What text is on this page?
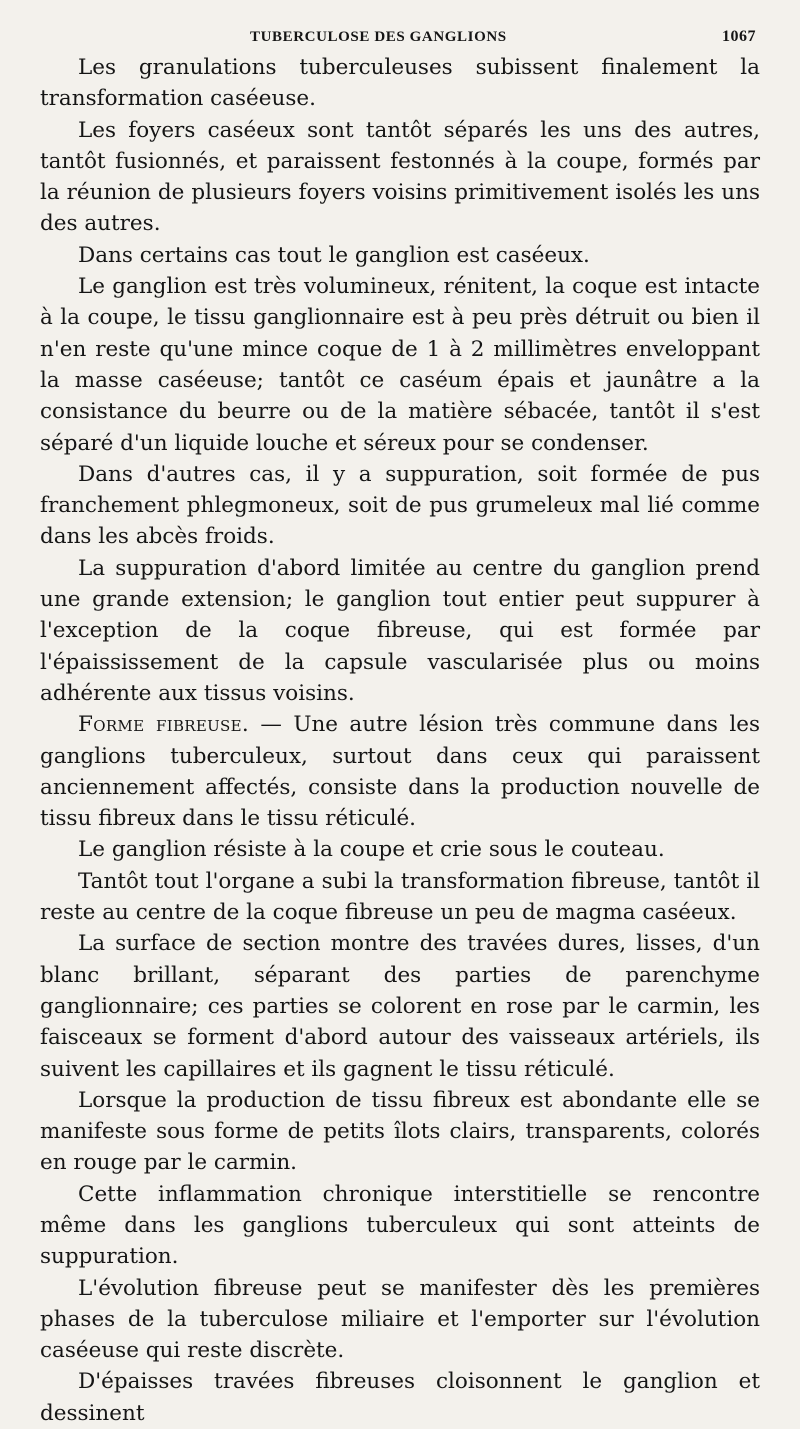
TUBERCULOSE DES GANGLIONS	1067

Les granulations tuberculeuses subissent finalement la transformation caséeuse.

Les foyers caséeux sont tantôt séparés les uns des autres, tantôt fusionnés, et paraissent festonnés à la coupe, formés par la réunion de plusieurs foyers voisins primitivement isolés les uns des autres.

Dans certains cas tout le ganglion est caséeux.

Le ganglion est très volumineux, rénitent, la coque est intacte à la coupe, le tissu ganglionnaire est à peu près détruit ou bien il n'en reste qu'une mince coque de 1 à 2 millimètres enveloppant la masse caséeuse; tantôt ce caséum épais et jaunâtre a la consistance du beurre ou de la matière sébacée, tantôt il s'est séparé d'un liquide louche et séreux pour se condenser.

Dans d'autres cas, il y a suppuration, soit formée de pus franchement phlegmoneux, soit de pus grumeleux mal lié comme dans les abcès froids.

La suppuration d'abord limitée au centre du ganglion prend une grande extension; le ganglion tout entier peut suppurer à l'exception de la coque fibreuse, qui est formée par l'épaississement de la capsule vascularisée plus ou moins adhérente aux tissus voisins.

Forme fibreuse. — Une autre lésion très commune dans les ganglions tuberculeux, surtout dans ceux qui paraissent anciennement affectés, consiste dans la production nouvelle de tissu fibreux dans le tissu réticulé.

Le ganglion résiste à la coupe et crie sous le couteau.

Tantôt tout l'organe a subi la transformation fibreuse, tantôt il reste au centre de la coque fibreuse un peu de magma caséeux.

La surface de section montre des travées dures, lisses, d'un blanc brillant, séparant des parties de parenchyme ganglionnaire; ces parties se colorent en rose par le carmin, les faisceaux se forment d'abord autour des vaisseaux artériels, ils suivent les capillaires et ils gagnent le tissu réticulé.

Lorsque la production de tissu fibreux est abondante elle se manifeste sous forme de petits îlots clairs, transparents, colorés en rouge par le carmin.

Cette inflammation chronique interstitielle se rencontre même dans les ganglions tuberculeux qui sont atteints de suppuration.

L'évolution fibreuse peut se manifester dès les premières phases de la tuberculose miliaire et l'emporter sur l'évolution caséeuse qui reste discrète.

D'épaisses travées fibreuses cloisonnent le ganglion et dessinent
